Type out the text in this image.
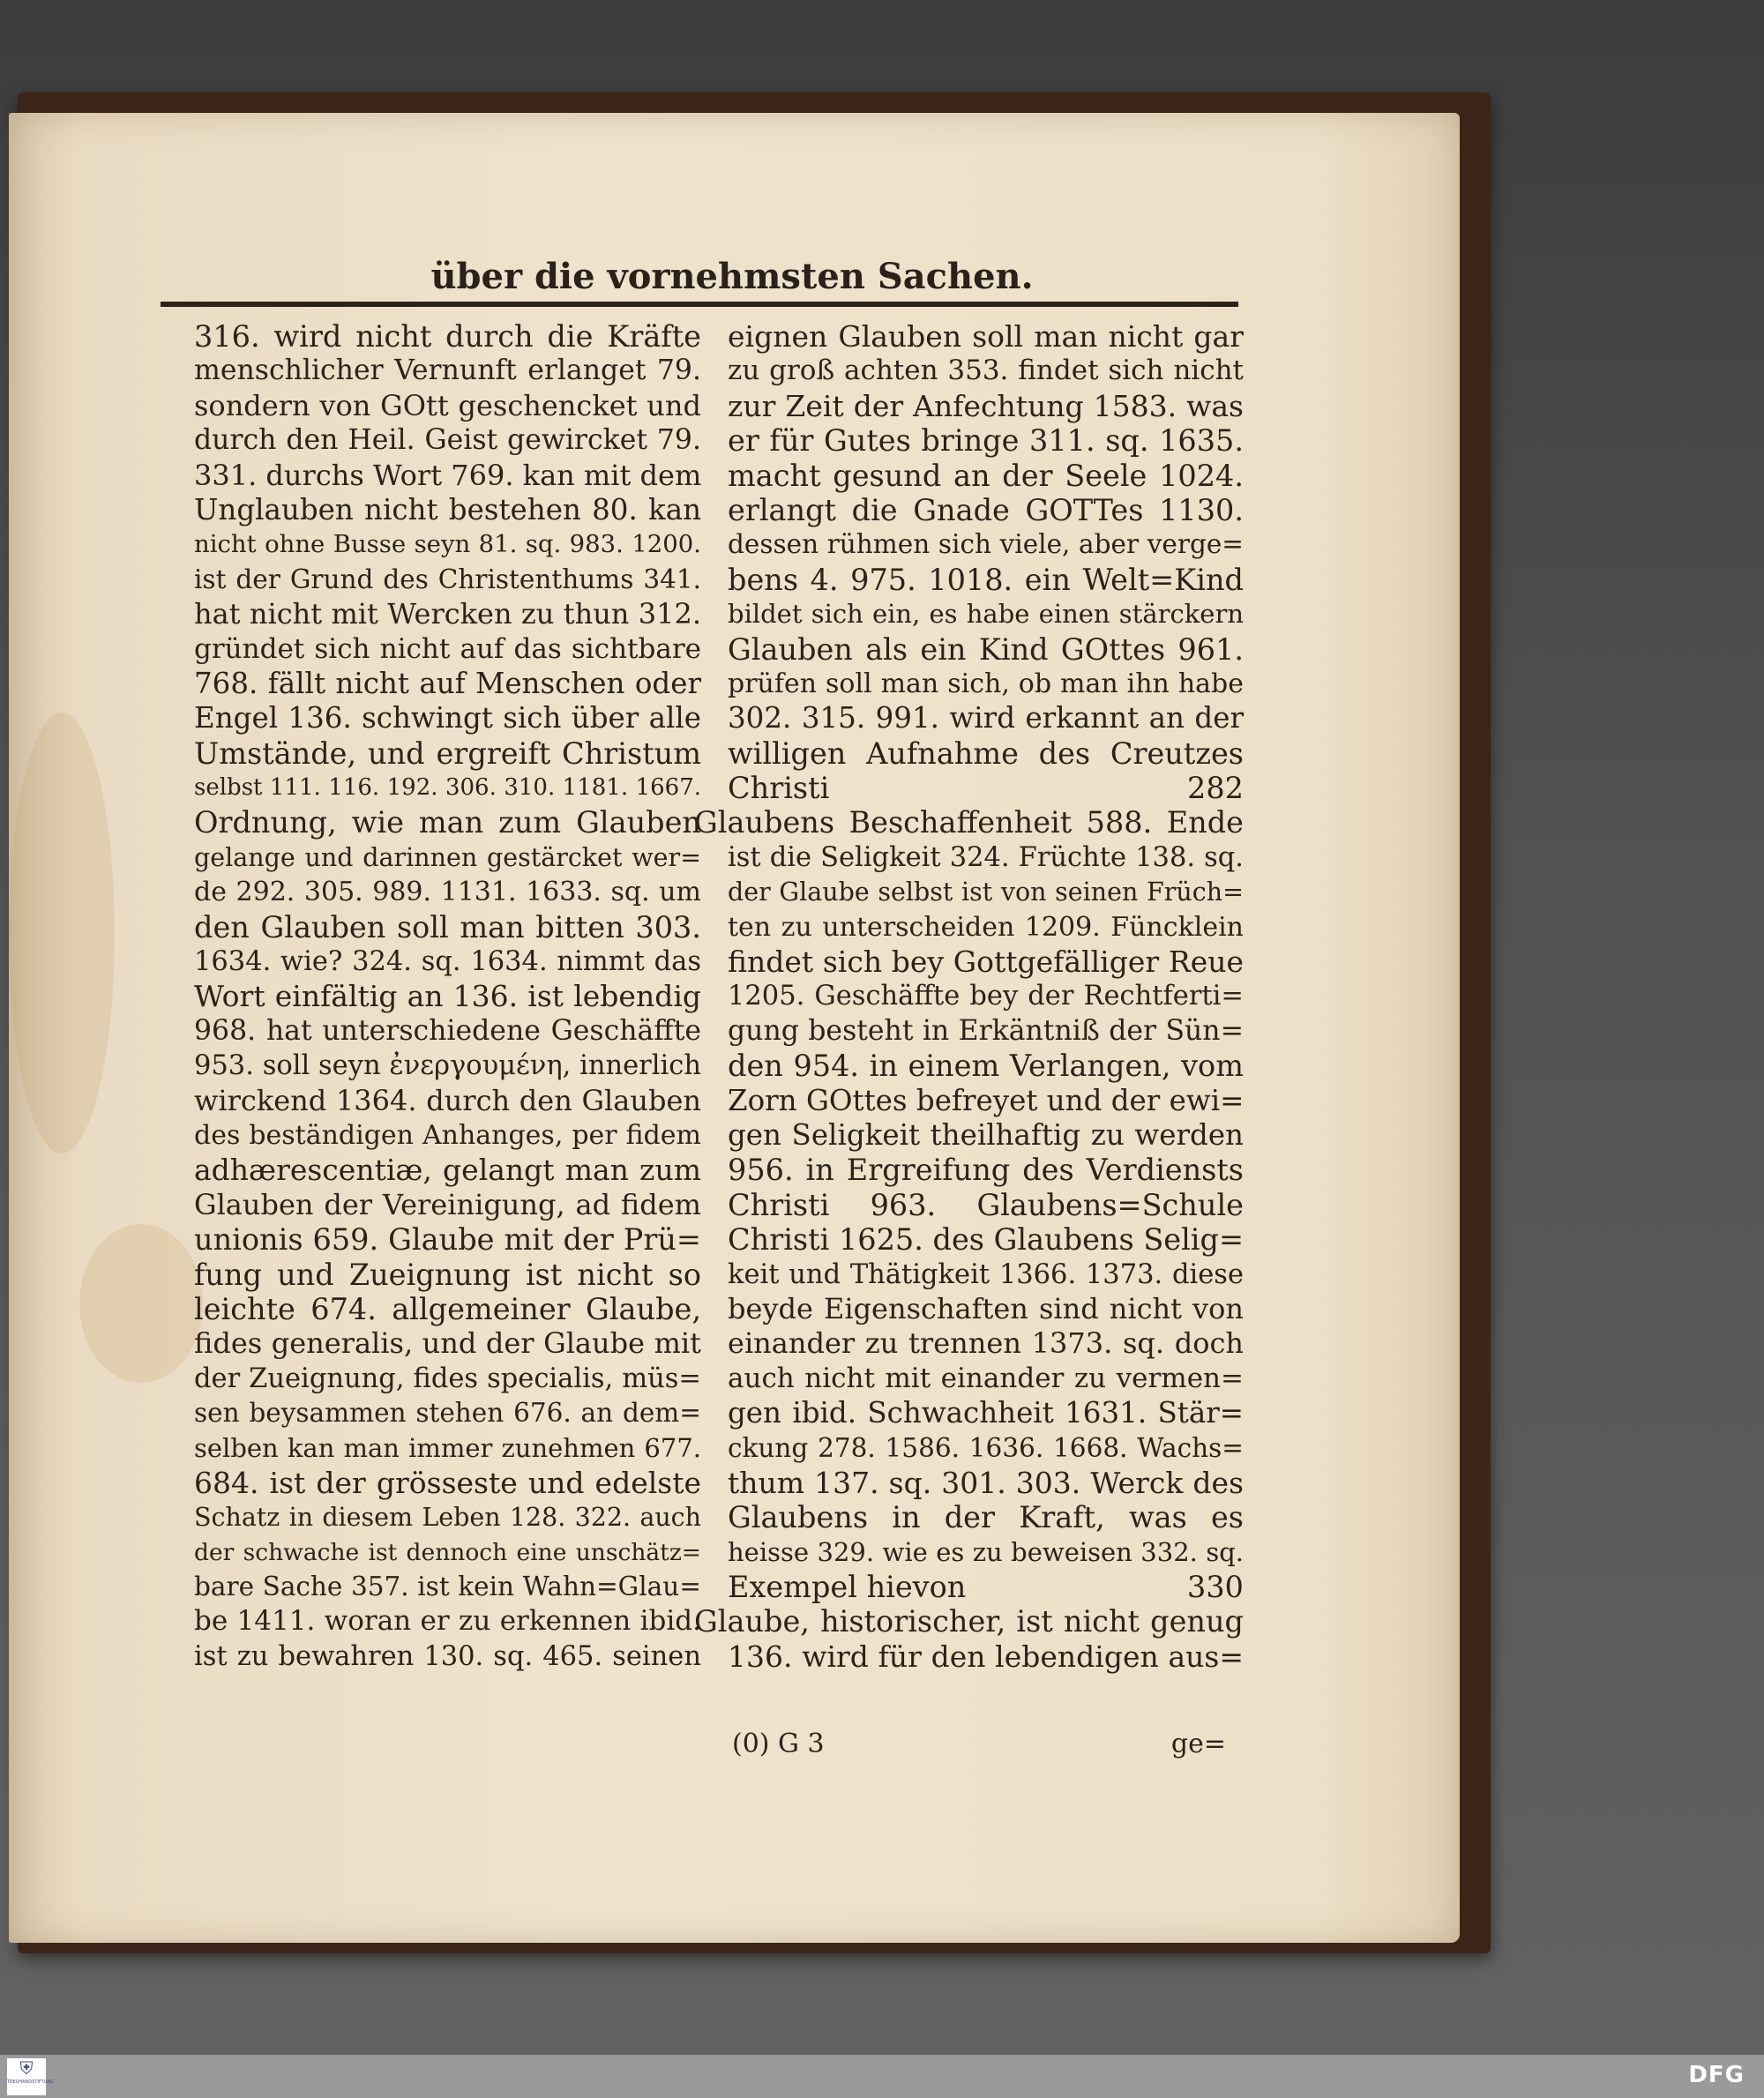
über die vornehmsten Sachen.
316. wird nicht durch die Kräfte
menschlicher Vernunft erlanget 79.
sondern von GOtt geschencket und
durch den Heil. Geist gewircket 79.
331. durchs Wort 769. kan mit dem
Unglauben nicht bestehen 80. kan
nicht ohne Busse seyn 81. sq. 983. 1200.
ist der Grund des Christenthums 341.
hat nicht mit Wercken zu thun 312.
gründet sich nicht auf das sichtbare
768. fällt nicht auf Menschen oder
Engel 136. schwingt sich über alle
Umstände, und ergreift Christum
selbst 111. 116. 192. 306. 310. 1181. 1667.
Ordnung, wie man zum Glauben
gelange und darinnen gestärcket wer=
de 292. 305. 989. 1131. 1633. sq. um
den Glauben soll man bitten 303.
1634. wie? 324. sq. 1634. nimmt das
Wort einfältig an 136. ist lebendig
968. hat unterschiedene Geschäffte
953. soll seyn ἐνεργουμένη, innerlich
wirckend 1364. durch den Glauben
des beständigen Anhanges, per fidem
adhærescentiæ, gelangt man zum
Glauben der Vereinigung, ad fidem
unionis 659. Glaube mit der Prü=
fung und Zueignung ist nicht so
leichte 674. allgemeiner Glaube,
fides generalis, und der Glaube mit
der Zueignung, fides specialis, müs=
sen beysammen stehen 676. an dem=
selben kan man immer zunehmen 677.
684. ist der grösseste und edelste
Schatz in diesem Leben 128. 322. auch
der schwache ist dennoch eine unschätz=
bare Sache 357. ist kein Wahn=Glau=
be 1411. woran er zu erkennen ibid.
ist zu bewahren 130. sq. 465. seinen
eignen Glauben soll man nicht gar
zu groß achten 353. findet sich nicht
zur Zeit der Anfechtung 1583. was
er für Gutes bringe 311. sq. 1635.
macht gesund an der Seele 1024.
erlangt die Gnade GOTTes 1130.
dessen rühmen sich viele, aber verge=
bens 4. 975. 1018. ein Welt=Kind
bildet sich ein, es habe einen stärckern
Glauben als ein Kind GOttes 961.
prüfen soll man sich, ob man ihn habe
302. 315. 991. wird erkannt an der
willigen Aufnahme des Creutzes
Christi	282
Glaubens Beschaffenheit 588. Ende
ist die Seligkeit 324. Früchte 138. sq.
der Glaube selbst ist von seinen Früch=
ten zu unterscheiden 1209. Füncklein
findet sich bey Gottgefälliger Reue
1205. Geschäffte bey der Rechtferti=
gung besteht in Erkäntniß der Sün=
den 954. in einem Verlangen, vom
Zorn GOttes befreyet und der ewi=
gen Seligkeit theilhaftig zu werden
956. in Ergreifung des Verdiensts
Christi 963. Glaubens=Schule
Christi 1625. des Glaubens Selig=
keit und Thätigkeit 1366. 1373. diese
beyde Eigenschaften sind nicht von
einander zu trennen 1373. sq. doch
auch nicht mit einander zu vermen=
gen ibid. Schwachheit 1631. Stär=
ckung 278. 1586. 1636. 1668. Wachs=
thum 137. sq. 301. 303. Werck des
Glaubens in der Kraft, was es
heisse 329. wie es zu beweisen 332. sq.
Exempel hievon	330
Glaube, historischer, ist nicht genug
136. wird für den lebendigen aus=
(0) G 3	ge=
⛨
TREUHANDSTIFTUNG	DFG
